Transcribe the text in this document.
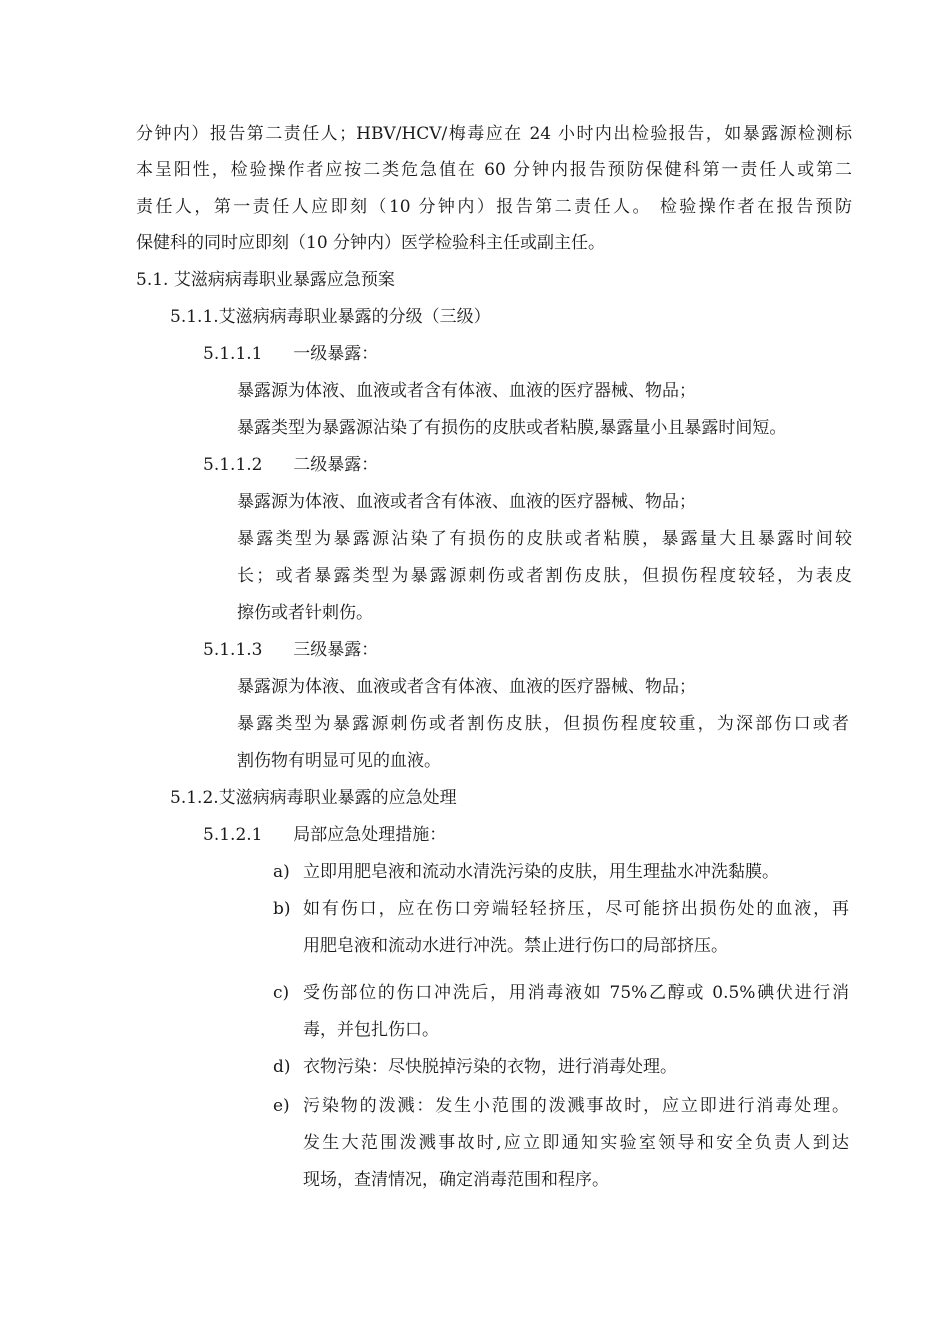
分钟内）报告第二责任人；HBV/HCV/梅毒应在 24 小时内出检验报告，如暴露源检测标
本呈阳性，检验操作者应按二类危急值在 60 分钟内报告预防保健科第一责任人或第二
责任人，第一责任人应即刻（10 分钟内）报告第二责任人。 检验操作者在报告预防
保健科的同时应即刻（10 分钟内）医学检验科主任或副主任。
5.1. 艾滋病病毒职业暴露应急预案
5.1.1.艾滋病病毒职业暴露的分级（三级）
5.1.1.1 一级暴露：
暴露源为体液、血液或者含有体液、血液的医疗器械、物品；
暴露类型为暴露源沾染了有损伤的皮肤或者粘膜,暴露量小且暴露时间短。
5.1.1.2 二级暴露：
暴露源为体液、血液或者含有体液、血液的医疗器械、物品；
暴露类型为暴露源沾染了有损伤的皮肤或者粘膜，暴露量大且暴露时间较
长；或者暴露类型为暴露源刺伤或者割伤皮肤，但损伤程度较轻，为表皮
擦伤或者针刺伤。
5.1.1.3 三级暴露：
暴露源为体液、血液或者含有体液、血液的医疗器械、物品；
暴露类型为暴露源刺伤或者割伤皮肤，但损伤程度较重，为深部伤口或者
割伤物有明显可见的血液。
5.1.2.艾滋病病毒职业暴露的应急处理
5.1.2.1 局部应急处理措施：
a) 立即用肥皂液和流动水清洗污染的皮肤，用生理盐水冲洗黏膜。
b) 如有伤口，应在伤口旁端轻轻挤压，尽可能挤出损伤处的血液，再
用肥皂液和流动水进行冲洗。禁止进行伤口的局部挤压。
c) 受伤部位的伤口冲洗后，用消毒液如 75%乙醇或 0.5%碘伏进行消
毒，并包扎伤口。
d) 衣物污染：尽快脱掉污染的衣物，进行消毒处理。
e) 污染物的泼溅：发生小范围的泼溅事故时，应立即进行消毒处理。
发生大范围泼溅事故时,应立即通知实验室领导和安全负责人到达
现场，查清情况，确定消毒范围和程序。
